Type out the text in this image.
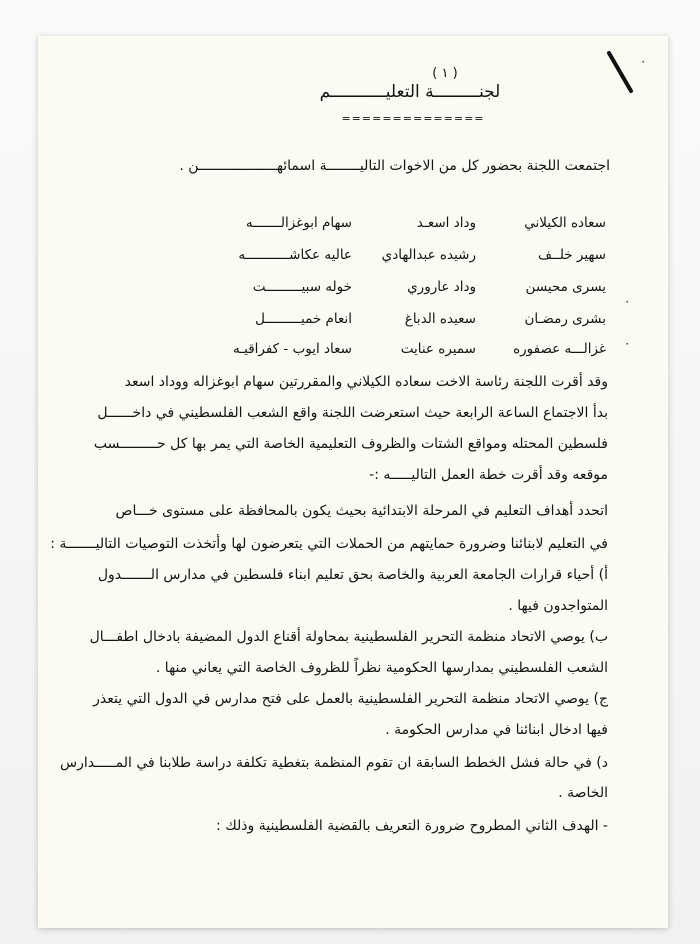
٠
( ١ )
لجنـــــــــة التعليـــــــــــم
==============
اجتمعت اللجنة بحضور كل من الاخوات التاليــــــــة اسمائهـــــــــــــــــــن .
سعاده الكيلاني
وداد اسعـد
سهام ابوغزالـــــــه
سهير خلــف
رشيده عبدالهادي
عاليه عكاشـــــــــــه
يسرى محيسن
وداد عاروري
خوله سبيـــــــــت
بشرى رمضـان
سعيده الدباغ
انعام خميـــــــــل
غزالـــه عصفوره
سميره عنايت
سعاد ايوب - كفراقيـه
٠
٠
وقد أقرت اللجنة رئاسة الاخت سعاده الكيلاني والمقررتين سهام ابوغزاله ووداد اسعد
بدأ الاجتماع الساعة الرابعة حيث استعرضت اللجنة واقع الشعب الفلسطيني في داخــــــل
فلسطين المحتله ومواقع الشتات والظروف التعليمية الخاصة التي يمر بها كل حـــــــــسب
موقعه وقد أقرت خطة العمل التاليـــــه :-
اتحدد أهداف التعليم في المرحلة الابتدائية بحيث يكون بالمحافظة على مستوى خـــاص
في التعليم لابنائنا وضرورة حمايتهم من الحملات التي يتعرضون لها وأتخذت التوصيات التاليـــــــة :
أ) أحياء قرارات الجامعة العربية والخاصة بحق تعليم ابناء فلسطين في مدارس الـــــــدول
المتواجدون فيها .
ب) يوصي الاتحاد منظمة التحرير الفلسطينية بمحاولة أقناع الدول المضيفة بادخال اطفـــال
الشعب الفلسطيني بمدارسها الحكومية نظراً للظروف الخاصة التي يعاني منها .
ج) يوصي الاتحاد منظمة التحرير الفلسطينية بالعمل على فتح مدارس في الدول التي يتعذر
فيها ادخال ابنائنا في مدارس الحكومة .
د) في حالة فشل الخطط السابقة ان تقوم المنظمة بتغطية تكلفة دراسة طلابنا في المـــــدارس
الخاصة .
- الهدف الثاني المطروح ضرورة التعريف بالقضية الفلسطينية وذلك :
